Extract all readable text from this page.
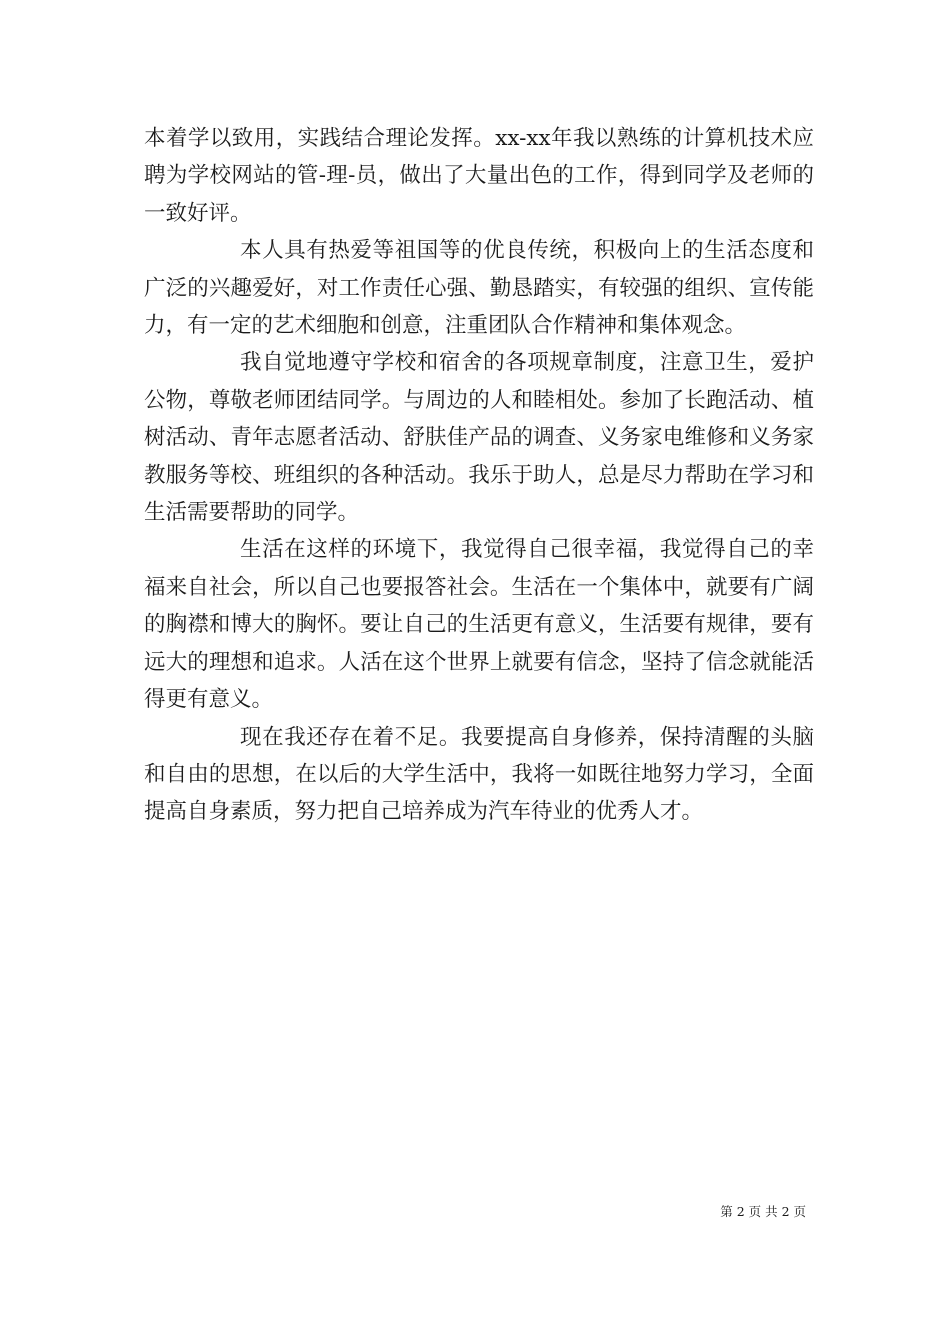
本着学以致用，实践结合理论发挥。xx-xx年我以熟练的计算机技术应聘为学校网站的管-理-员，做出了大量出色的工作，得到同学及老师的一致好评。

本人具有热爱等祖国等的优良传统，积极向上的生活态度和广泛的兴趣爱好，对工作责任心强、勤恳踏实，有较强的组织、宣传能力，有一定的艺术细胞和创意，注重团队合作精神和集体观念。

我自觉地遵守学校和宿舍的各项规章制度，注意卫生，爱护公物，尊敬老师团结同学。与周边的人和睦相处。参加了长跑活动、植树活动、青年志愿者活动、舒肤佳产品的调查、义务家电维修和义务家教服务等校、班组织的各种活动。我乐于助人，总是尽力帮助在学习和生活需要帮助的同学。

生活在这样的环境下，我觉得自己很幸福，我觉得自己的幸福来自社会，所以自己也要报答社会。生活在一个集体中，就要有广阔的胸襟和博大的胸怀。要让自己的生活更有意义，生活要有规律，要有远大的理想和追求。人活在这个世界上就要有信念，坚持了信念就能活得更有意义。

现在我还存在着不足。我要提高自身修养，保持清醒的头脑和自由的思想，在以后的大学生活中，我将一如既往地努力学习，全面提高自身素质，努力把自己培养成为汽车待业的优秀人才。

第 2 页 共 2 页
